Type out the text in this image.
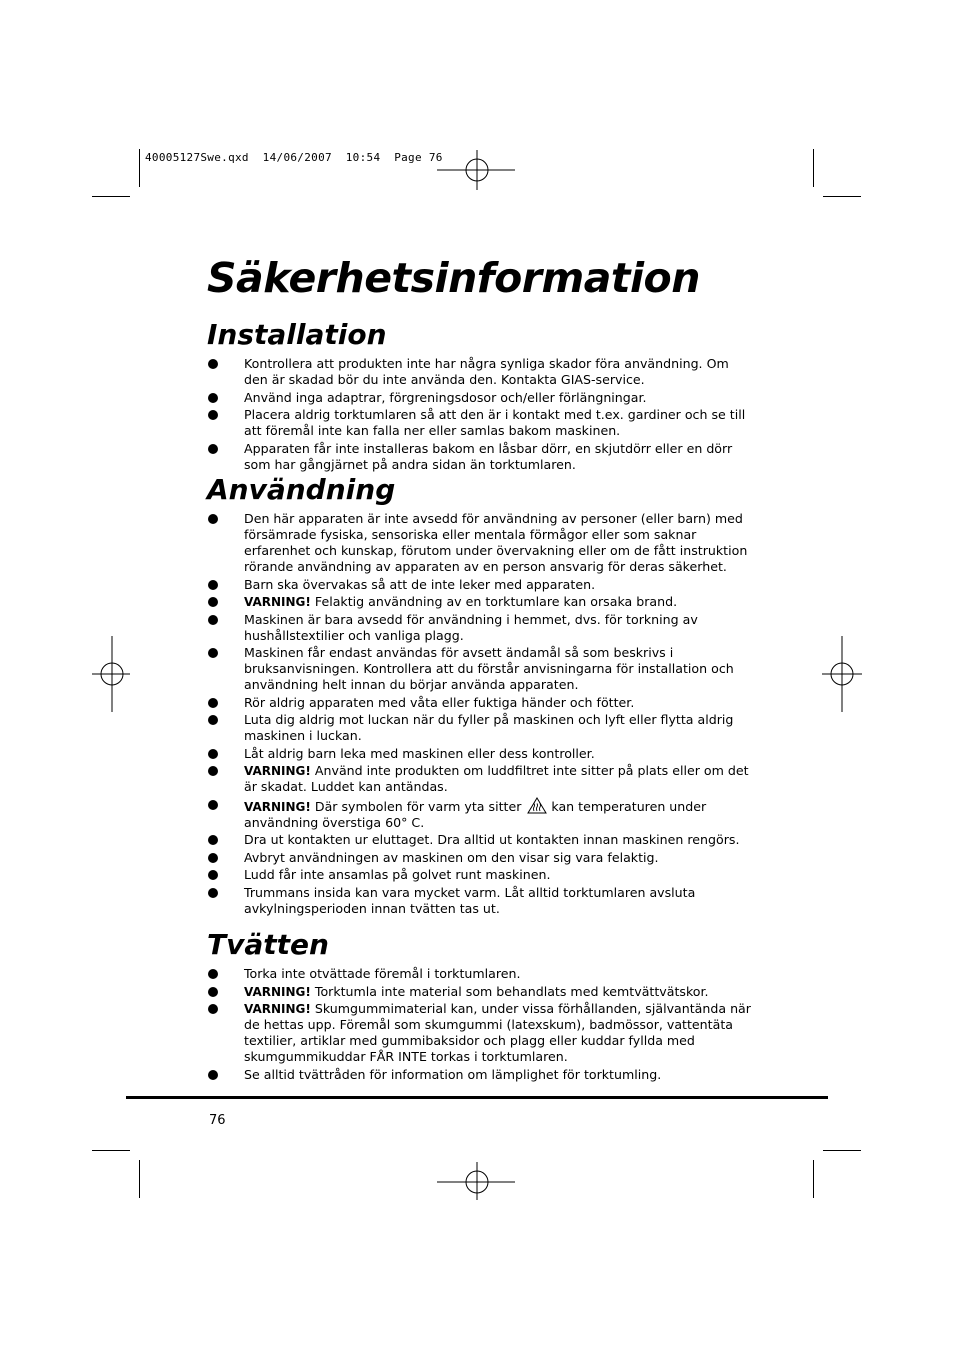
40005127Swe.qxd  14/06/2007  10:54  Page 76
Säkerhetsinformation
Installation
Kontrollera att produkten inte har några synliga skador föra användning. Om den är skadad bör du inte använda den. Kontakta GIAS-service.
Använd inga adaptrar, förgreningsdosor och/eller förlängningar.
Placera aldrig torktumlaren så att den är i kontakt med t.ex. gardiner och se till att föremål inte kan falla ner eller samlas bakom maskinen.
Apparaten får inte installeras bakom en låsbar dörr, en skjutdörr eller en dörr som har gångjärnet på andra sidan än torktumlaren.
Användning
Den här apparaten är inte avsedd för användning av personer (eller barn) med försämrade fysiska, sensoriska eller mentala förmågor eller som saknar erfarenhet och kunskap, förutom under övervakning eller om de fått instruktion rörande användning av apparaten av en person ansvarig för deras säkerhet.
Barn ska övervakas så att de inte leker med apparaten.
VARNING! Felaktig användning av en torktumlare kan orsaka brand.
Maskinen är bara avsedd för användning i hemmet, dvs. för torkning av hushållstextilier och vanliga plagg.
Maskinen får endast användas för avsett ändamål så som beskrivs i bruksanvisningen. Kontrollera att du förstår anvisningarna för installation och användning helt innan du börjar använda apparaten.
Rör aldrig apparaten med våta eller fuktiga händer och fötter.
Luta dig aldrig mot luckan när du fyller på maskinen och lyft eller flytta aldrig maskinen i luckan.
Låt aldrig barn leka med maskinen eller dess kontroller.
VARNING! Använd inte produkten om luddfiltret inte sitter på plats eller om det är skadat. Luddet kan antändas.
VARNING! Där symbolen för varm yta sitter kan temperaturen under användning överstiga 60° C.
Dra ut kontakten ur eluttaget. Dra alltid ut kontakten innan maskinen rengörs.
Avbryt användningen av maskinen om den visar sig vara felaktig.
Ludd får inte ansamlas på golvet runt maskinen.
Trummans insida kan vara mycket varm. Låt alltid torktumlaren avsluta avkylningsperioden innan tvätten tas ut.
Tvätten
Torka inte otvättade föremål i torktumlaren.
VARNING! Torktumla inte material som behandlats med kemtvättvätskor.
VARNING! Skumgummimaterial kan, under vissa förhållanden, självantända när de hettas upp. Föremål som skumgummi (latexskum), badmössor, vattentäta textilier, artiklar med gummibaksidor och plagg eller kuddar fyllda med skumgummikuddar FÅR INTE torkas i torktumlaren.
Se alltid tvättråden för information om lämplighet för torktumling.
76
